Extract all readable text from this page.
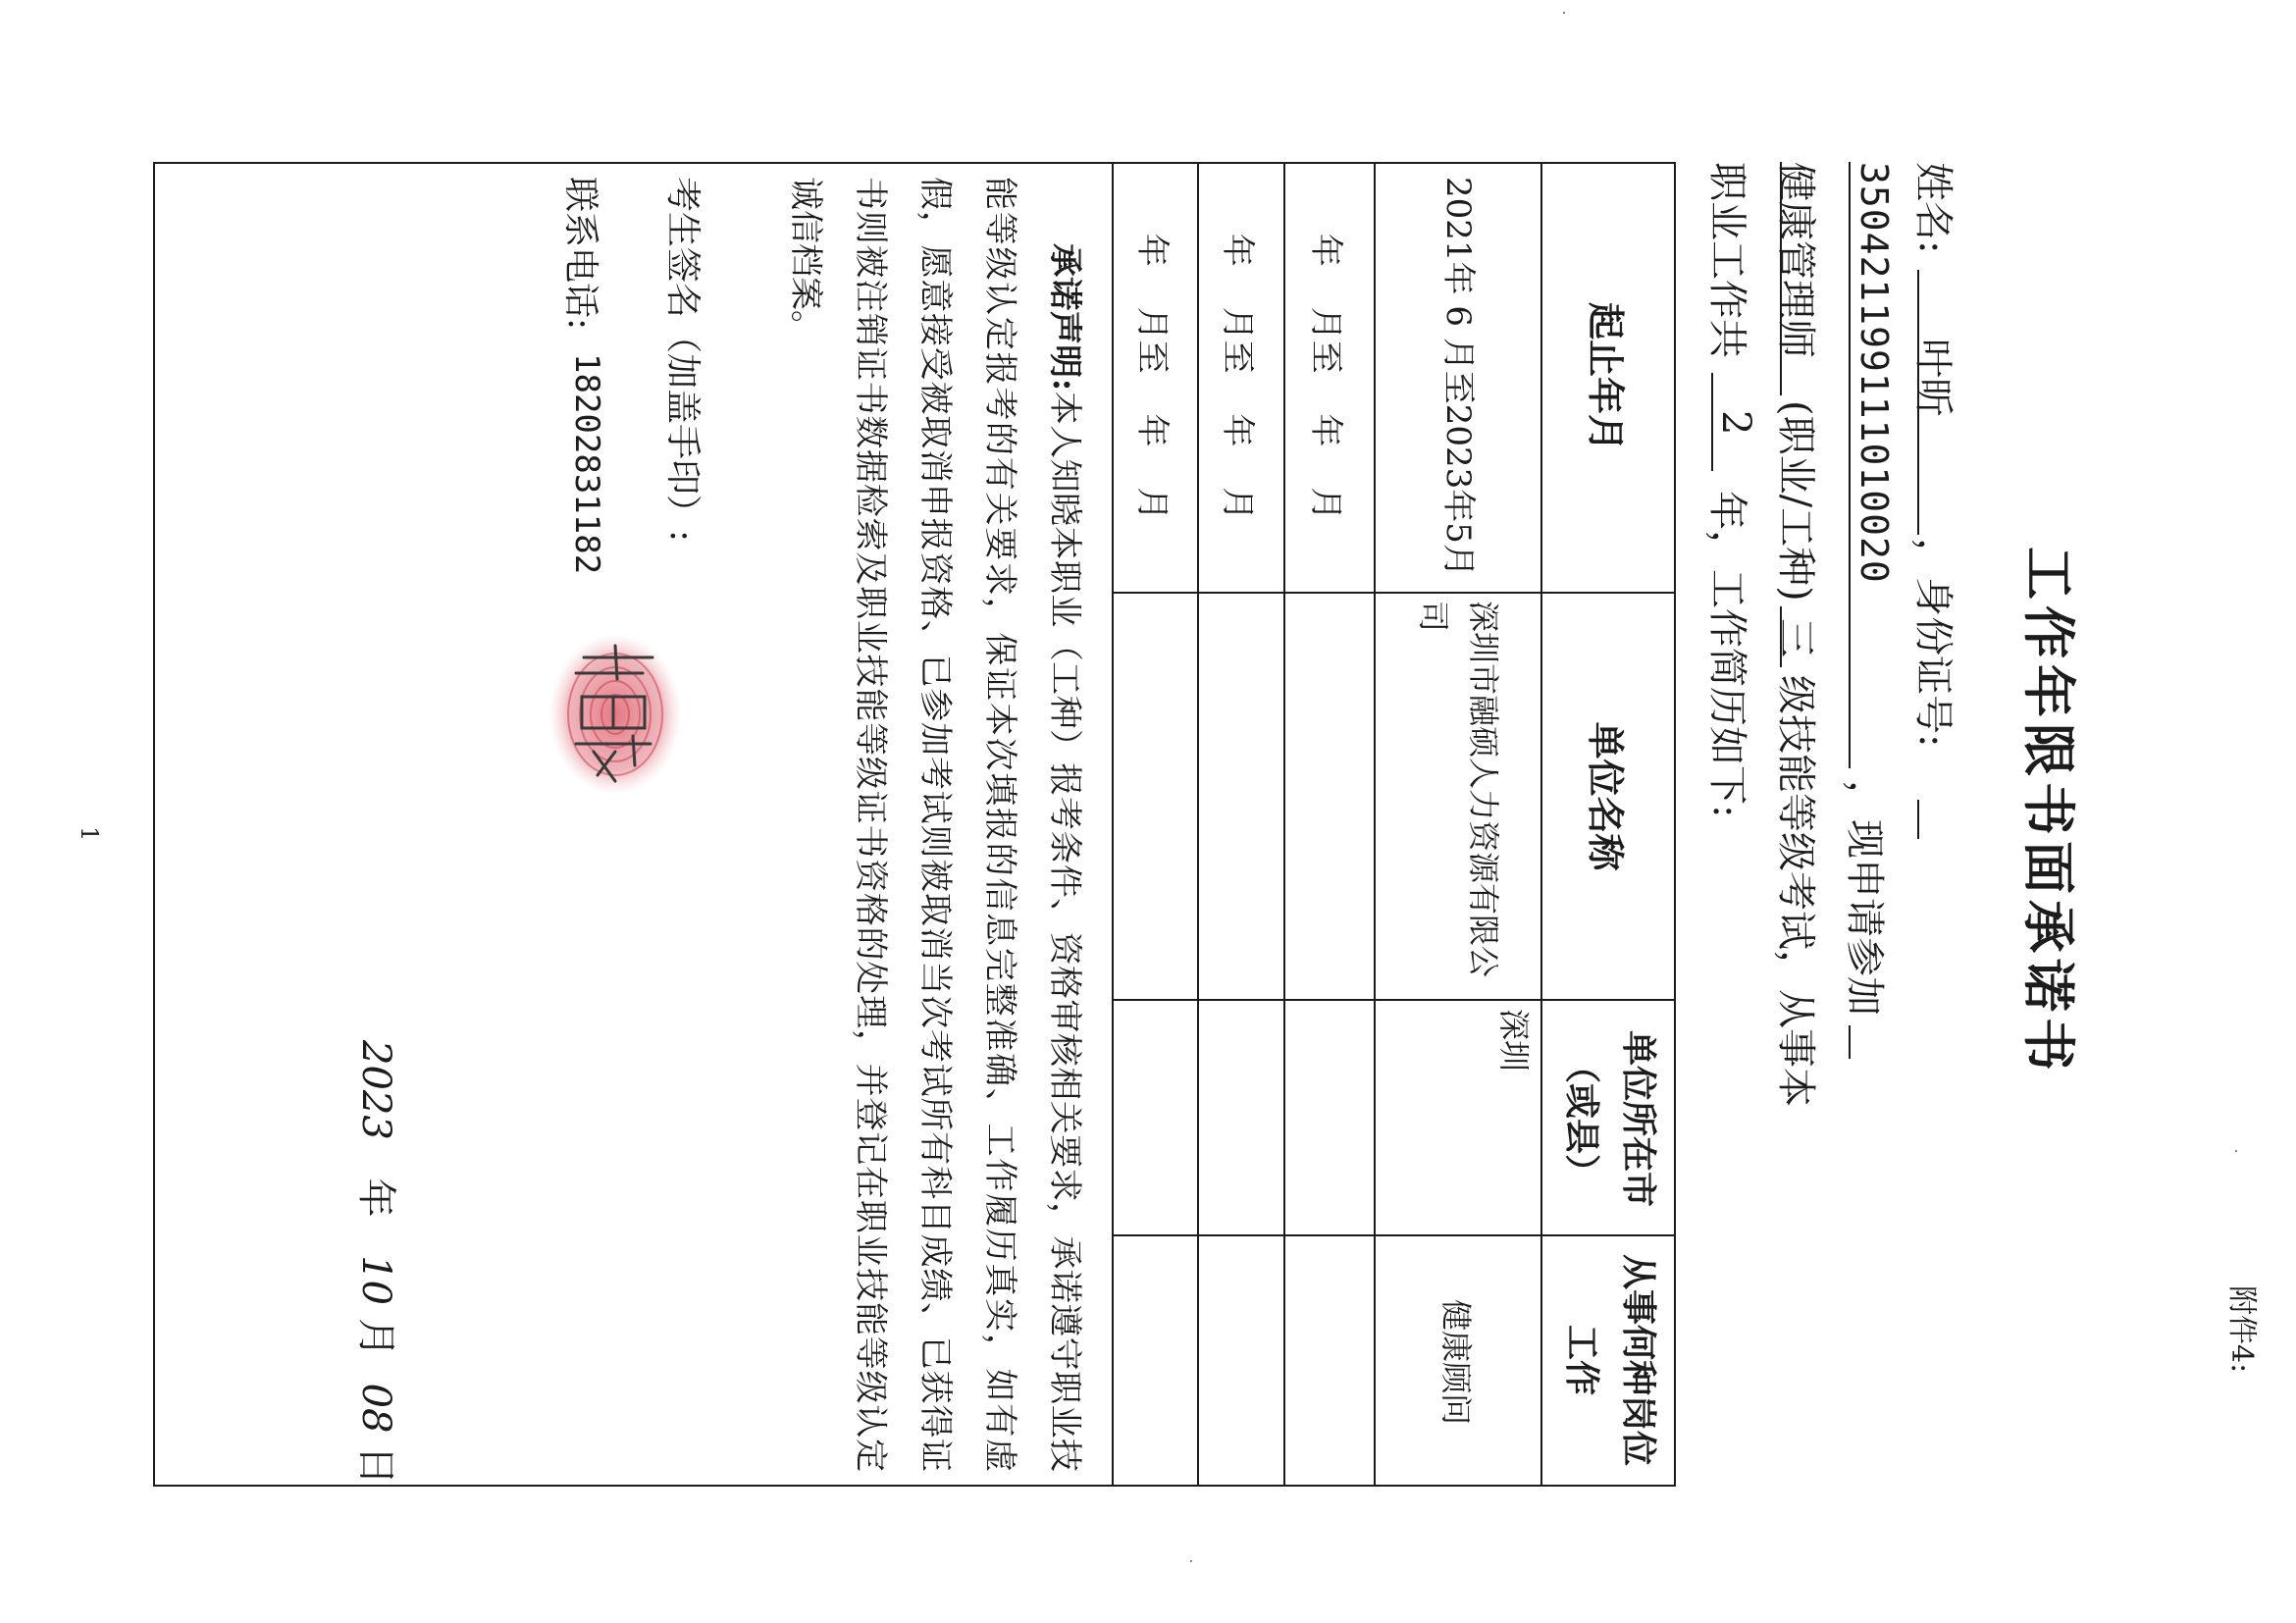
附件4:
工作年限书面承诺书
姓名:
叶昕
，身份证号:
350421199111010020
，现申请参加
健康管理师
(职业/工种)
三
级技能等级考试，从事本
职业工作共
2
年，工作简历如下:
起止年月
单位名称
单位所在市（或县）
从事何种岗位工作
2021年 6 月至2023年5月
深圳市融硕人力资源有限公司
深圳
健康顾问
年 月至 年 月
年 月至 年 月
年 月至 年 月
承诺声明:本人知晓本职业（工种）报考条件、资格审核相关要求，承诺遵守职业技能等级认定报考的有关要求，保证本次填报的信息完整准确、工作履历真实，如有虚假，愿意接受被取消申报资格、已参加考试则被取消当次考试所有科目成绩、已获得证书则被注销证书数据检索及职业技能等级证书资格的处理，并登记在职业技能等级认定诚信档案。
考生签名（加盖手印）:
联系电话:
18202831182
2023 年 10 月 08 日
1
